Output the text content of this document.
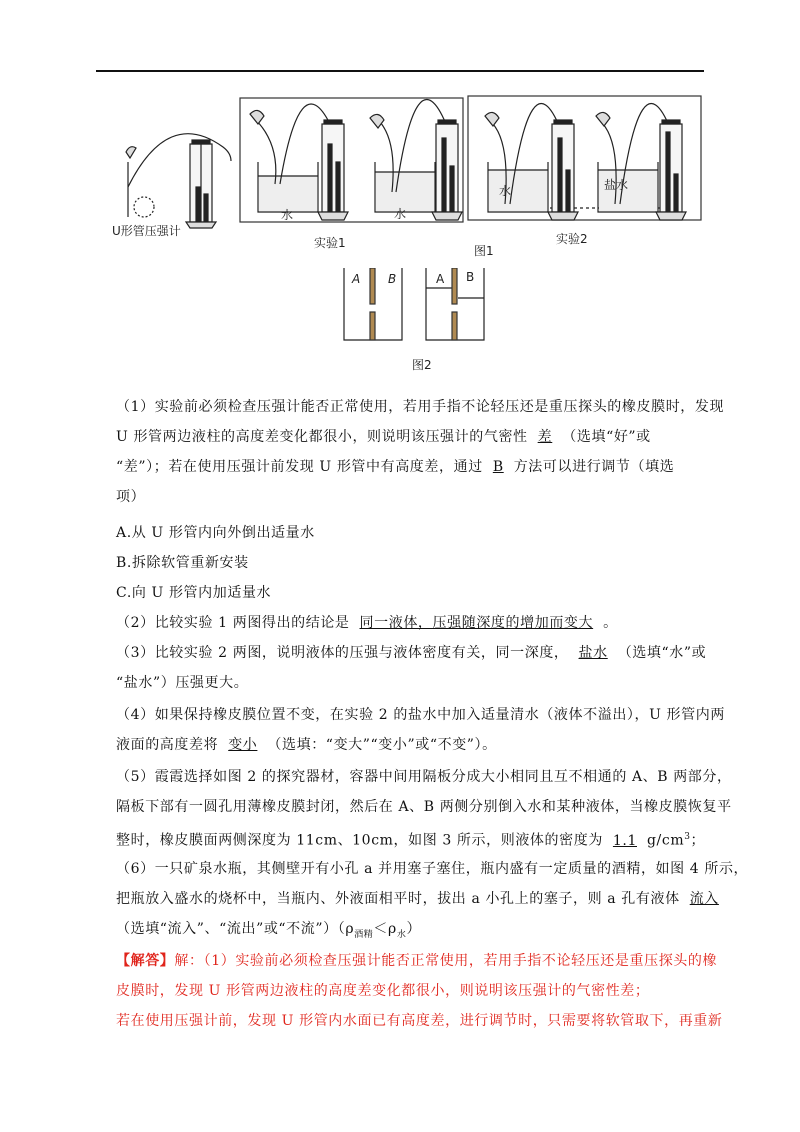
U形管压强计
水	水
水	盐水
实验1
图1
实验2
A B	A B
图2
（1）实验前必须检查压强计能否正常使用，若用手指不论轻压还是重压探头的橡皮膜时，发现
U 形管两边液柱的高度差变化都很小，则说明该压强计的气密性 差 （选填“好”或
“差”）；若在使用压强计前发现 U 形管中有高度差，通过 B 方法可以进行调节（填选
项）
A.从 U 形管内向外倒出适量水
B.拆除软管重新安装
C.向 U 形管内加适量水
（2）比较实验 1 两图得出的结论是 同一液体，压强随深度的增加而变大 。
（3）比较实验 2 两图，说明液体的压强与液体密度有关，同一深度， 盐水 （选填“水”或
“盐水”）压强更大。
（4）如果保持橡皮膜位置不变，在实验 2 的盐水中加入适量清水（液体不溢出），U 形管内两
液面的高度差将 变小 （选填：“变大”“变小”或“不变”）。
（5）霞霞选择如图 2 的探究器材，容器中间用隔板分成大小相同且互不相通的 A、B 两部分，
隔板下部有一圆孔用薄橡皮膜封闭，然后在 A、B 两侧分别倒入水和某种液体，当橡皮膜恢复平
整时，橡皮膜面两侧深度为 11cm、10cm，如图 3 所示，则液体的密度为 1.1 $g/cm^3$；
（6）一只矿泉水瓶，其侧壁开有小孔 a 并用塞子塞住，瓶内盛有一定质量的酒精，如图 4 所示，
把瓶放入盛水的烧杯中，当瓶内、外液面相平时，拔出 a 小孔上的塞子，则 a 孔有液体 流入
（选填“流入”、“流出”或“不流$”)(\rho_{酒精}<\rho_水)$
【解答】解：（1）实验前必须检查压强计能否正常使用，若用手指不论轻压还是重压探头的橡
皮膜时，发现 U 形管两边液柱的高度差变化都很小，则说明该压强计的气密性差；
若在使用压强计前，发现 U 形管内水面已有高度差，进行调节时，只需要将软管取下，再重新
